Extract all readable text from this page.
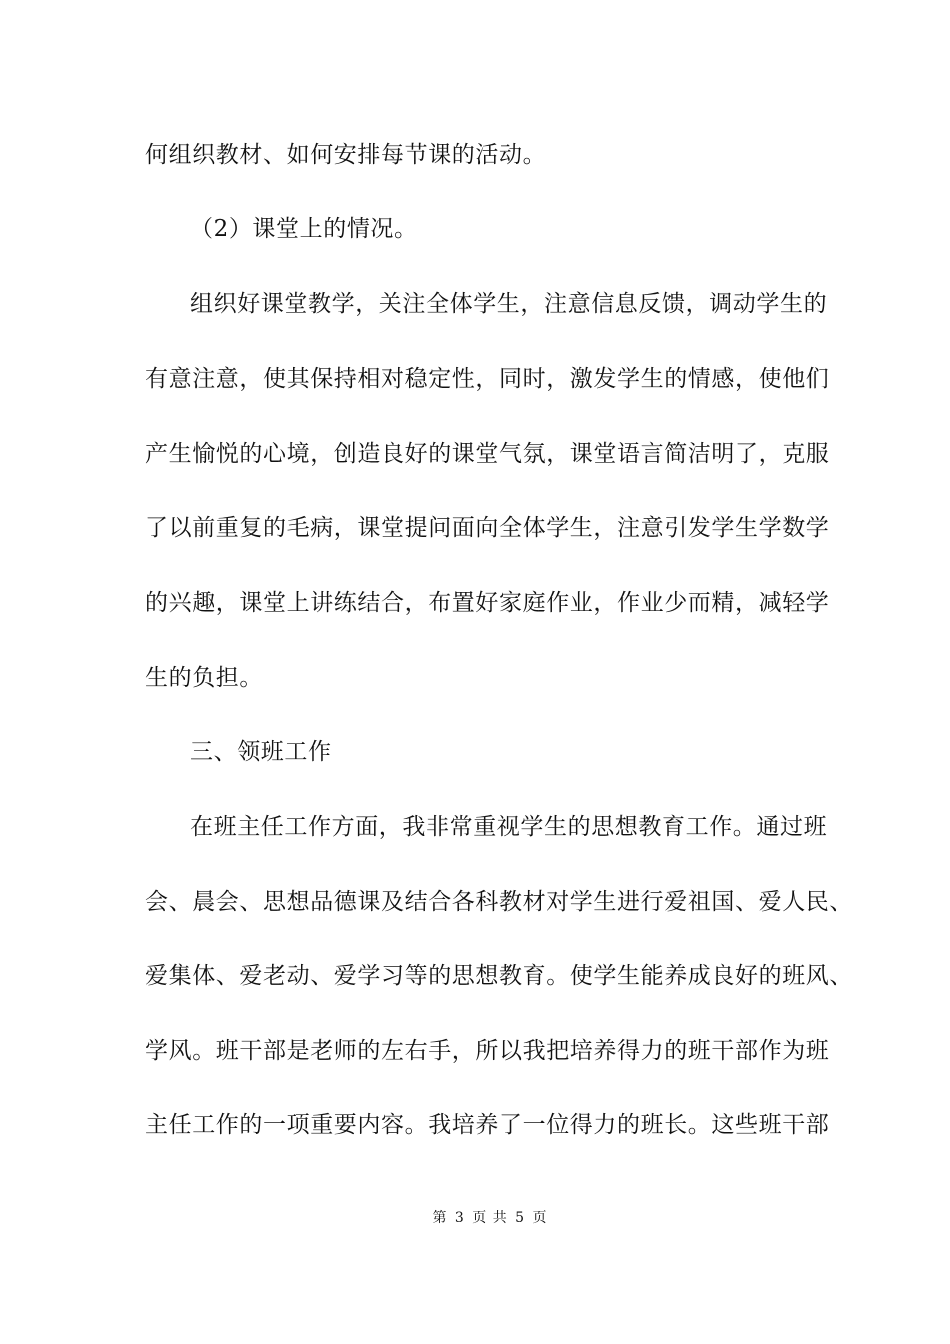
何组织教材、如何安排每节课的活动。
（2）课堂上的情况。
组织好课堂教学，关注全体学生，注意信息反馈，调动学生的
有意注意，使其保持相对稳定性，同时，激发学生的情感，使他们
产生愉悦的心境，创造良好的课堂气氛，课堂语言简洁明了，克服
了以前重复的毛病，课堂提问面向全体学生，注意引发学生学数学
的兴趣，课堂上讲练结合，布置好家庭作业，作业少而精，减轻学
生的负担。
三、领班工作
在班主任工作方面，我非常重视学生的思想教育工作。通过班
会、晨会、思想品德课及结合各科教材对学生进行爱祖国、爱人民、
爱集体、爱老动、爱学习等的思想教育。使学生能养成良好的班风、
学风。班干部是老师的左右手，所以我把培养得力的班干部作为班
主任工作的一项重要内容。我培养了一位得力的班长。这些班干部
第 3 页 共 5 页
